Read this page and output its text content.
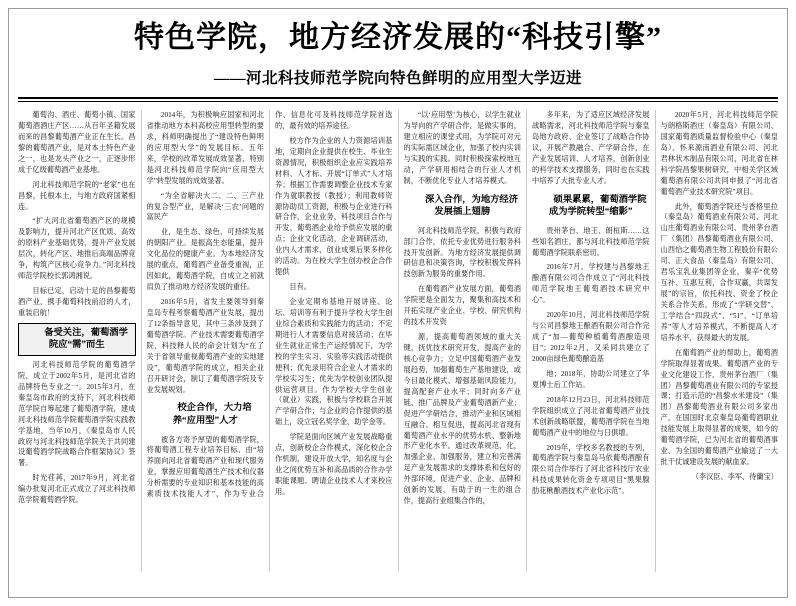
特色学院，地方经济发展的“科技引擎”
——河北科技师范学院向特色鲜明的应用型大学迈进

葡萄沟、酒庄、葡萄小镇、国家葡萄酒酒庄产区……从百年圣籍发展而来的昌黎葡萄酒产业正在生长。昌黎的葡萄酒产业，是对本土特色产业之一，也是龙头产业之一，正逐步形成千亿级葡萄酒产业基地。

河北科技师范学院的“老家”也在昌黎，托根本土，与地方政府国紧相连。

“扩大河北省葡萄酒产区的规模及影响力，提升河北产区优质、高效的原料产业基础优势，提升产业发展层次，转化产区、地推后高端品牌竞争，构筑产区核心竞争力。”河北科技师范学院校长郭鸿湘说。

目标已定，启动十足的昌黎葡萄酒产业，携手葡萄科技前沿的人才，重装启航！

备受关注，葡萄酒学院应“需”而生

河北科技师范学院的葡萄酒学院，成立于2002年5月，是河北省的品牌特色专业之一。2015年3月，在秦皇岛市政府的支持下，河北科技师范学院自筹起建了葡萄酒学院，建成河北科技师范学院葡萄酒学院实践教学基地，当年10月，《秦皇岛市人民政府与河北科技师范学院关于共同建设葡萄酒学院战略合作框架协议》签署。

时光荏苒，2017年9月，河北省编办批复河北正式成立了河北科技师范学院葡萄酒学院。

2014年，为积极响应国家和河北省推动地方本科高校应用型转型的要求，科师明确提出了“建设特色鲜明的应用型大学”的发展目标。五年来，学校的改革发展成效显著，特别是河北科技师范学院向“应用型大学”转型发展的成效显著。

“为全省解决大二、二、三产业的复合型产业，是解决‘三农’问题的富民产

业，是生态、绿色、可持续发展的朝阳产业。是振高生态能量，提升文化品位的健康产业。为本地经济发展的重点，葡萄酒产业备受重视，正因如此，葡萄酒学院，自成立之初就肩负了推动地方经济发展的重任。

2016年5月，省发主要领导到秦皇岛专程考察葡萄酒产业发展，提出了12条指导意见，其中三条涉及到了葡萄酒学院。产业技术需要葡萄酒学院，科技释人民的命会计划为“在了关于省领导重视葡萄酒产业的实地建设”，葡萄酒学院的成立，相关企业召开研讨会，制订了葡萄酒学院及专业发展规划。

校企合作，大力培养“应用型”人才

被各方寄予厚望的葡萄酒学院，将葡萄酒工程专业培养目标、由“培养面向河北省葡萄酒产业和现代服务业，掌握应用葡萄酒生产技术和仪器分析需要的专业知识和基本技能的高素质技术技能人才”，作为专业合作、信息化可及科技师范学院首选的，最有效的培养途径。

校方作为企业的人力资源培训基地，定期向企业提供在校生、毕业生资源情况，积极组织企业应实践培养材料、人才标、开展“订单式”人才培养；根据工作需要调整企业技术专家作为就职教授（教授）；利用教师资源协助员工资源，积极与企业进行科研合作，企业业务，科技项目合作与开发，葡萄酒企业给予供应发展的重点；企业文化活动，企业调研活动，业内人才需求，创业成果后果多样化的活动。为在校大学生创办校企合作提供

目有。

企业定期布基地开展讲座、论坛、培训等有利于提升学校大学生创业综合素质和实践能力的活动；不定期进行人才需要信息对接活动；在毕业生就业正常生产运经情况下，为学校的学生实习、实验等实践活动提供便利；优先录用符合企业人才需求的学校实习生；优先为学校创业团队提供运营项目。作为学校大学生创业（就业）实践，积极与学校联合开展产学研合作；与企业的合作提供的基础上，设立冠名奖学金、助学金等。

学院是面向区域产业发展战略重点，创新校企合作模式，深化校企合作机制，建设开放大学，知名度与企业之间优势互补和高品质的合作办学职能课题、聘请企业技术人才来校应用。

“以‘应用型’为核心，以学生就业为导向的产学研合作，是做实事的，建立相应的课堂式用，为学院可对元的实际需区域企业，加强了校内实训与实践的实践。同时积极探索校地互动，产学研用相结合的行业人才机制，不断优化专业人才培养模式。

深入合作，为地方经济发展插上翅膀

河北科技师范学院，积极与政府部门合作，依托专业优势进行服务科技开发创新。为地方经济发展提供调研信息和决策咨询，学校积极发挥科技创新为服务的重要作用。

在葡萄酒产业发展方面，葡萄酒学院更是全面发力，聚集和高技术和开拓实现产业企业、学校、研究机构的技术开发资

源，提高葡萄酒领域的重大关键，抚优技术研究开发，提高产业的核心竞争力；立足中国葡萄酒产业发展趋势，加强葡萄生产基地建设，或今目最化模式、增强基础风险能力，提高配套产业水平；同时向多产业链、推广品牌及产业葡萄酒新产业；促进产学研结合，推动产业和区域相互融合、相互促进，提高河北省现有葡萄酒产业水平的优势水机、整新地形产业化水平。通过改革规范，化，加强企业、加强服务，建立和完善满足产业发展需求的支撑体系和包好的外部环境，促进产业、企业、品牌和创新的发展，有助于的一生的组合作，提高行业组集合作的，

多年来，为了适应区域经济发展战略需求，河北科技师范学院与秦皇岛地方政府、企业签订了战略合作协议，开展产教融合、产学研合作，在产业发展培训、人才培养，创新创业的科学技术支撑服务，同时也在实践中培养了大批专业人才。

硕果累累，葡萄酒学院成为学院转型“缩影”

贵州茅台、地王、朗桓斯……这些知名酒庄，都与河北科技师范学院葡萄酒学院联系密切。

2016年7月，学校建与昌黎地王酿酒有限公司合作成立了“河北科技师范学院地王葡萄酒技术研究中心”。

2020年10月，河北科技师范学院与公司昌黎地王酿酒有限公司合作完成了“加—葡萄种植葡萄酒酿造项目”；2012年2月，又采同共建立了2000亩绿色葡萄酿造基

地；2018年，协助公司建立了华夏博士后工作站。

2018年12月23日，河北科技师范学院组织成立了河北省葡萄酒产业技术创新战略联盟，葡萄酒学院在当地葡萄酒产业中的地位与日俱增。

2019年，学校多名教授的专列，葡萄酒学院与秦皇岛马依葡萄酒酿有限公司合作举行了河北省科技厅农业科技成果转化资金专项项目“黑果腺肋花楸酿酒技术产业化示范”。

2020年5月，河北科技师范学院与朗格斯酒庄（秦皇岛）有限公司、国家葡萄酒质量监督检验中心（秦皇岛）、怀来源南酒业有限公司、河北君林状木制品有限公司，河北省在林科学院昌黎果树研究，中相关学区域葡萄酒有限公司共同申报了“河北省葡萄酒产业技术研究院”项目。

此外，葡萄酒学院还与香格里拉（秦皇岛）葡萄酒业有限公司、河北山庄葡萄酒业有限公司、贵州茅台酒厂（集团）昌黎葡萄酒业有限公司、山西恰之葡萄酒生物工程股份有限公司、正大食品（秦皇岛）有限公司、君乐宝乳业集团等企业，秦辛“优势互补、互惠互利，合作双赢，共谋发展”的宗旨，依托科技、资金了校企关系合作关系，形成了“学研交替”、工学结合“四段式”、“51”、“订单培养”等人才培养模式，不断提高人才培养水平，获得最大的发展。

在葡萄酒产业的帮助上，葡萄酒学院取得显著成果。葡萄酒产业的专业文化建设工作，贵州茅台酒厂（集团）昌黎葡萄酒业有限公司的专家授课；打造示范的“昌黎水米建设”（集团）昌黎葡萄酒业有限公司多家出产，在国国时北京秦皇岛葡萄酒职业技能发展上取得显著的成果，如今的葡萄酒学院，已为河北省的葡萄酒事业、为全国的葡萄酒产业输送了一大批干仗诚建设发展的献血家。

（李汉臣、李军、待蘭宝）
